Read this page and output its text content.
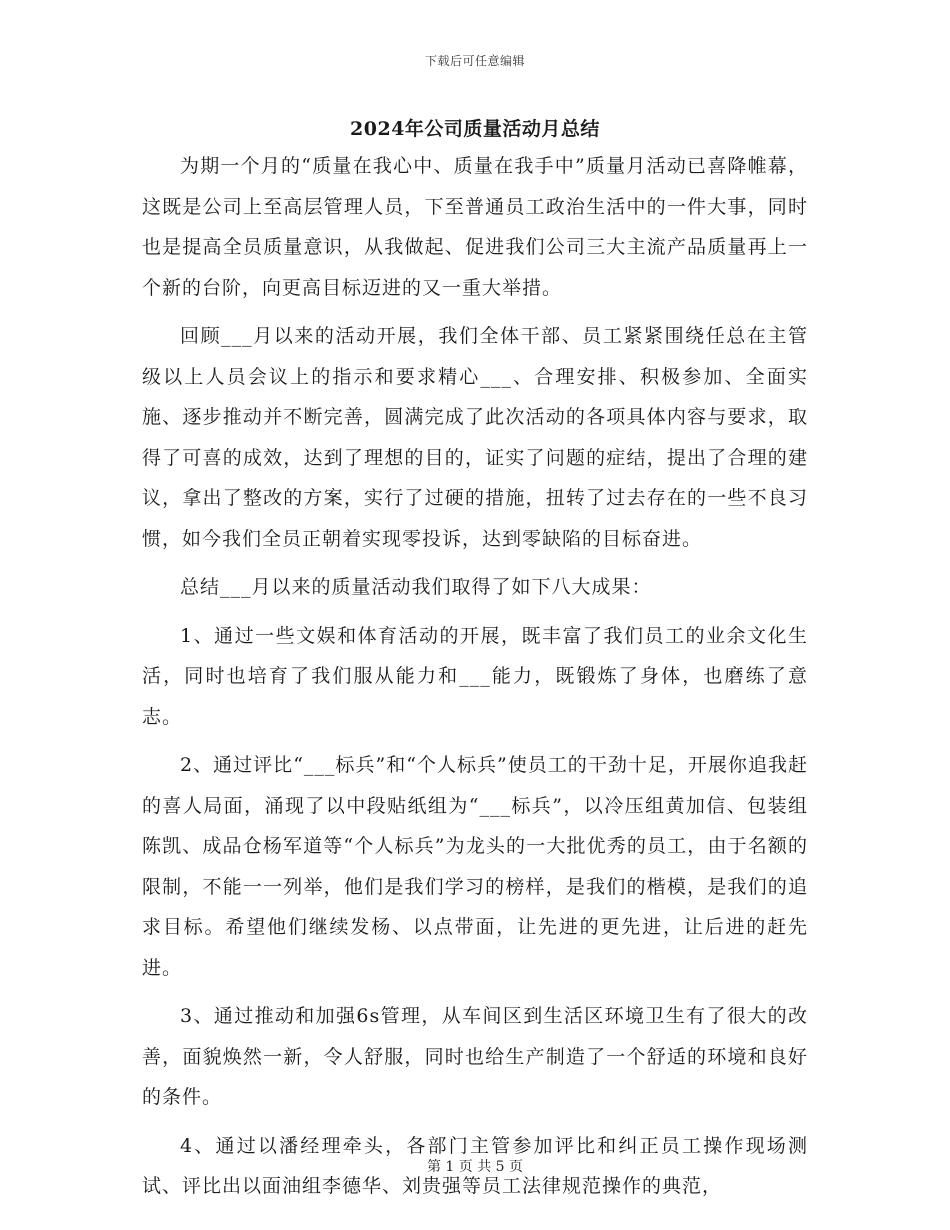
下载后可任意编辑
2024年公司质量活动月总结

为期一个月的“质量在我心中、质量在我手中”质量月活动已喜降帷幕，这既是公司上至高层管理人员，下至普通员工政治生活中的一件大事，同时也是提高全员质量意识，从我做起、促进我们公司三大主流产品质量再上一个新的台阶，向更高目标迈进的又一重大举措。

回顾___月以来的活动开展，我们全体干部、员工紧紧围绕任总在主管级以上人员会议上的指示和要求精心___、合理安排、积极参加、全面实施、逐步推动并不断完善，圆满完成了此次活动的各项具体内容与要求，取得了可喜的成效，达到了理想的目的，证实了问题的症结，提出了合理的建议，拿出了整改的方案，实行了过硬的措施，扭转了过去存在的一些不良习惯，如今我们全员正朝着实现零投诉，达到零缺陷的目标奋进。

总结___月以来的质量活动我们取得了如下八大成果：

1、通过一些文娱和体育活动的开展，既丰富了我们员工的业余文化生活，同时也培育了我们服从能力和___能力，既锻炼了身体，也磨练了意志。

2、通过评比“___标兵”和“个人标兵”使员工的干劲十足，开展你追我赶的喜人局面，涌现了以中段贴纸组为“___标兵”，以冷压组黄加信、包装组陈凯、成品仓杨军道等“个人标兵”为龙头的一大批优秀的员工，由于名额的限制，不能一一列举，他们是我们学习的榜样，是我们的楷模，是我们的追求目标。希望他们继续发杨、以点带面，让先进的更先进，让后进的赶先进。

3、通过推动和加强6s管理，从车间区到生活区环境卫生有了很大的改善，面貌焕然一新，令人舒服，同时也给生产制造了一个舒适的环境和良好的条件。

4、通过以潘经理牵头，各部门主管参加评比和纠正员工操作现场测试、评比出以面油组李德华、刘贵强等员工法律规范操作的典范，

第 1 页 共 5 页
